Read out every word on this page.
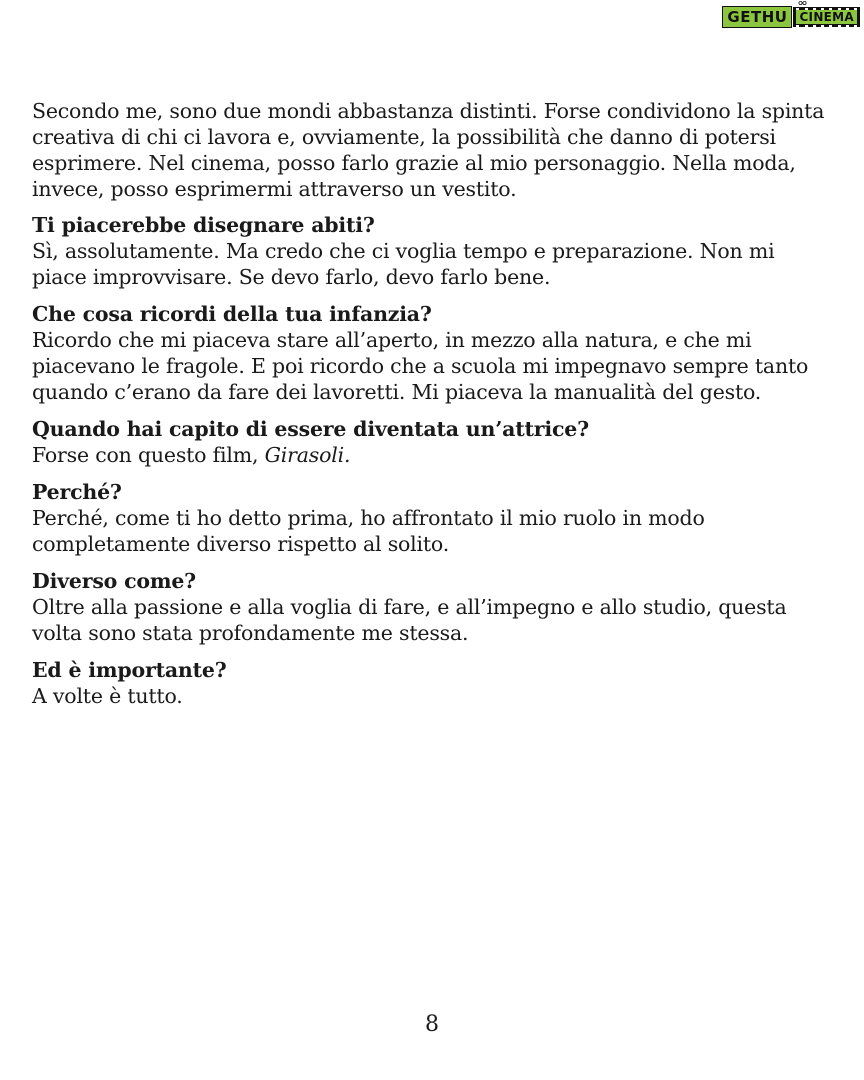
GETHU	CINEMA

Secondo me, sono due mondi abbastanza distinti. Forse condividono la spinta creativa di chi ci lavora e, ovviamente, la possibilità che danno di potersi esprimere. Nel cinema, posso farlo grazie al mio personaggio. Nella moda, invece, posso esprimermi attraverso un vestito.

Ti piacerebbe disegnare abiti?
Sì, assolutamente. Ma credo che ci voglia tempo e preparazione. Non mi piace improvvisare. Se devo farlo, devo farlo bene.
Che cosa ricordi della tua infanzia?
Ricordo che mi piaceva stare all’aperto, in mezzo alla natura, e che mi piacevano le fragole. E poi ricordo che a scuola mi impegnavo sempre tanto quando c’erano da fare dei lavoretti. Mi piaceva la manualità del gesto.
Quando hai capito di essere diventata un’attrice?
Forse con questo film, Girasoli.
Perché?
Perché, come ti ho detto prima, ho affrontato il mio ruolo in modo completamente diverso rispetto al solito.
Diverso come?
Oltre alla passione e alla voglia di fare, e all’impegno e allo studio, questa volta sono stata profondamente me stessa.
Ed è importante?
A volte è tutto.
8
